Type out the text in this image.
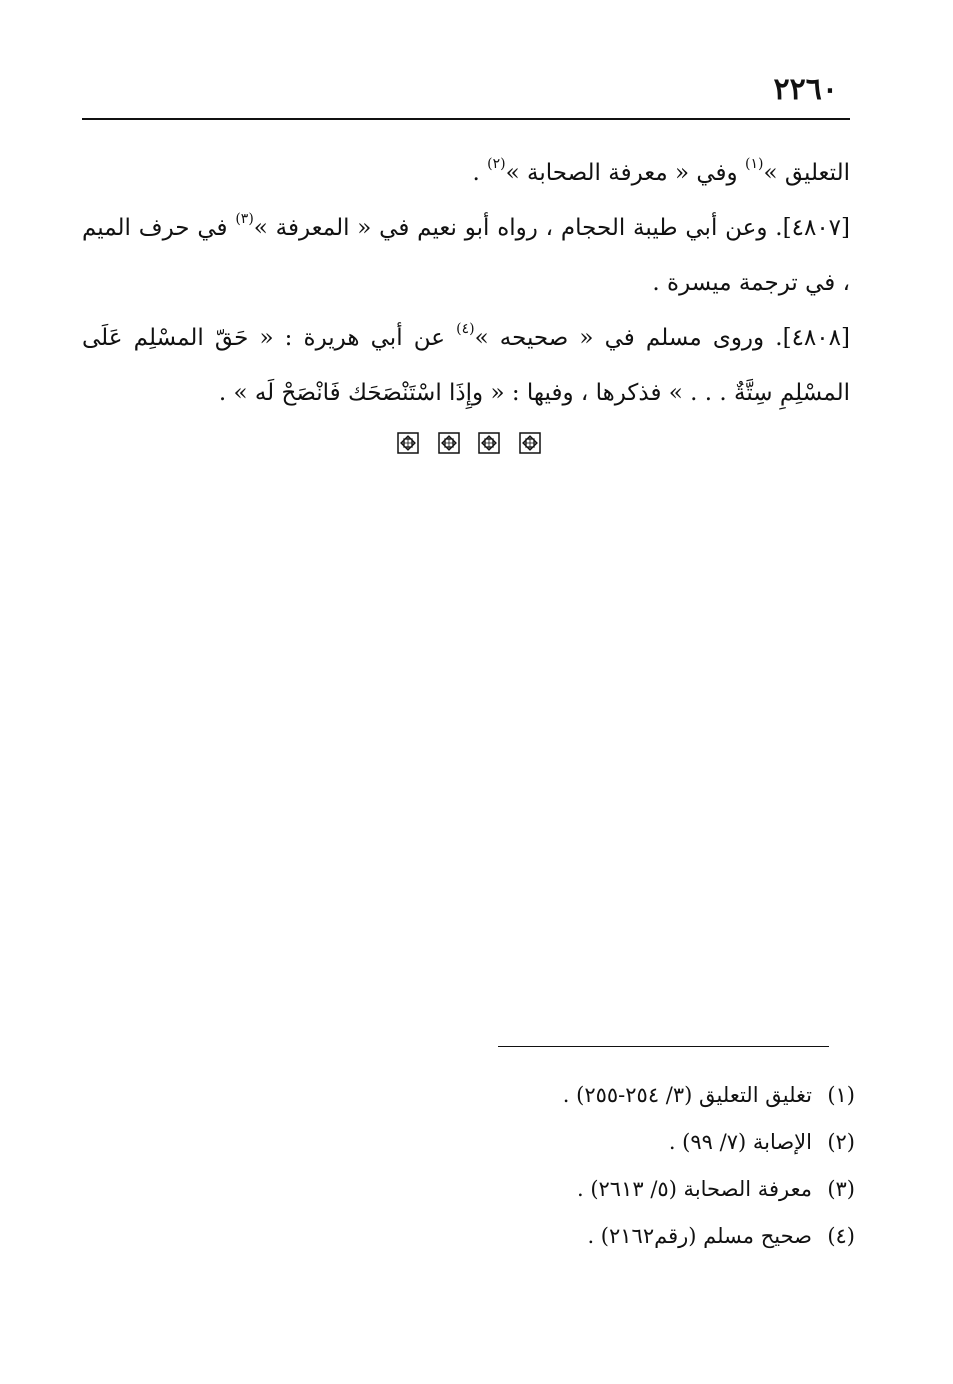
٢٢٦٠

التعليق »$^{(١)}$ وفي « معرفة الصحابة »$^{(٢)}$ .

[٤٨٠٧]. وعن أبي طيبة الحجام ، رواه أبو نعيم في « المعرفة »$^{(٣)}$ في حرف الميم ، في ترجمة ميسرة .

[٤٨٠٨]. وروى مسلم في « صحيحه »$^{(٤)}$ عن أبي هريرة : « حَقّ المسْلِم عَلَى المسْلِمِ سِتَّةٌ . . . » فذكرها ، وفيها : « وإِذَا اسْتَنْصَحَك فَانْصَحْ لَه » .

(١)تغليق التعليق (٣/ ٢٥٤-٢٥٥) .
(٢)الإصابة (٧/ ٩٩) .
(٣)معرفة الصحابة (٥/ ٢٦١٣) .
(٤)صحيح مسلم (رقم٢١٦٢) .
